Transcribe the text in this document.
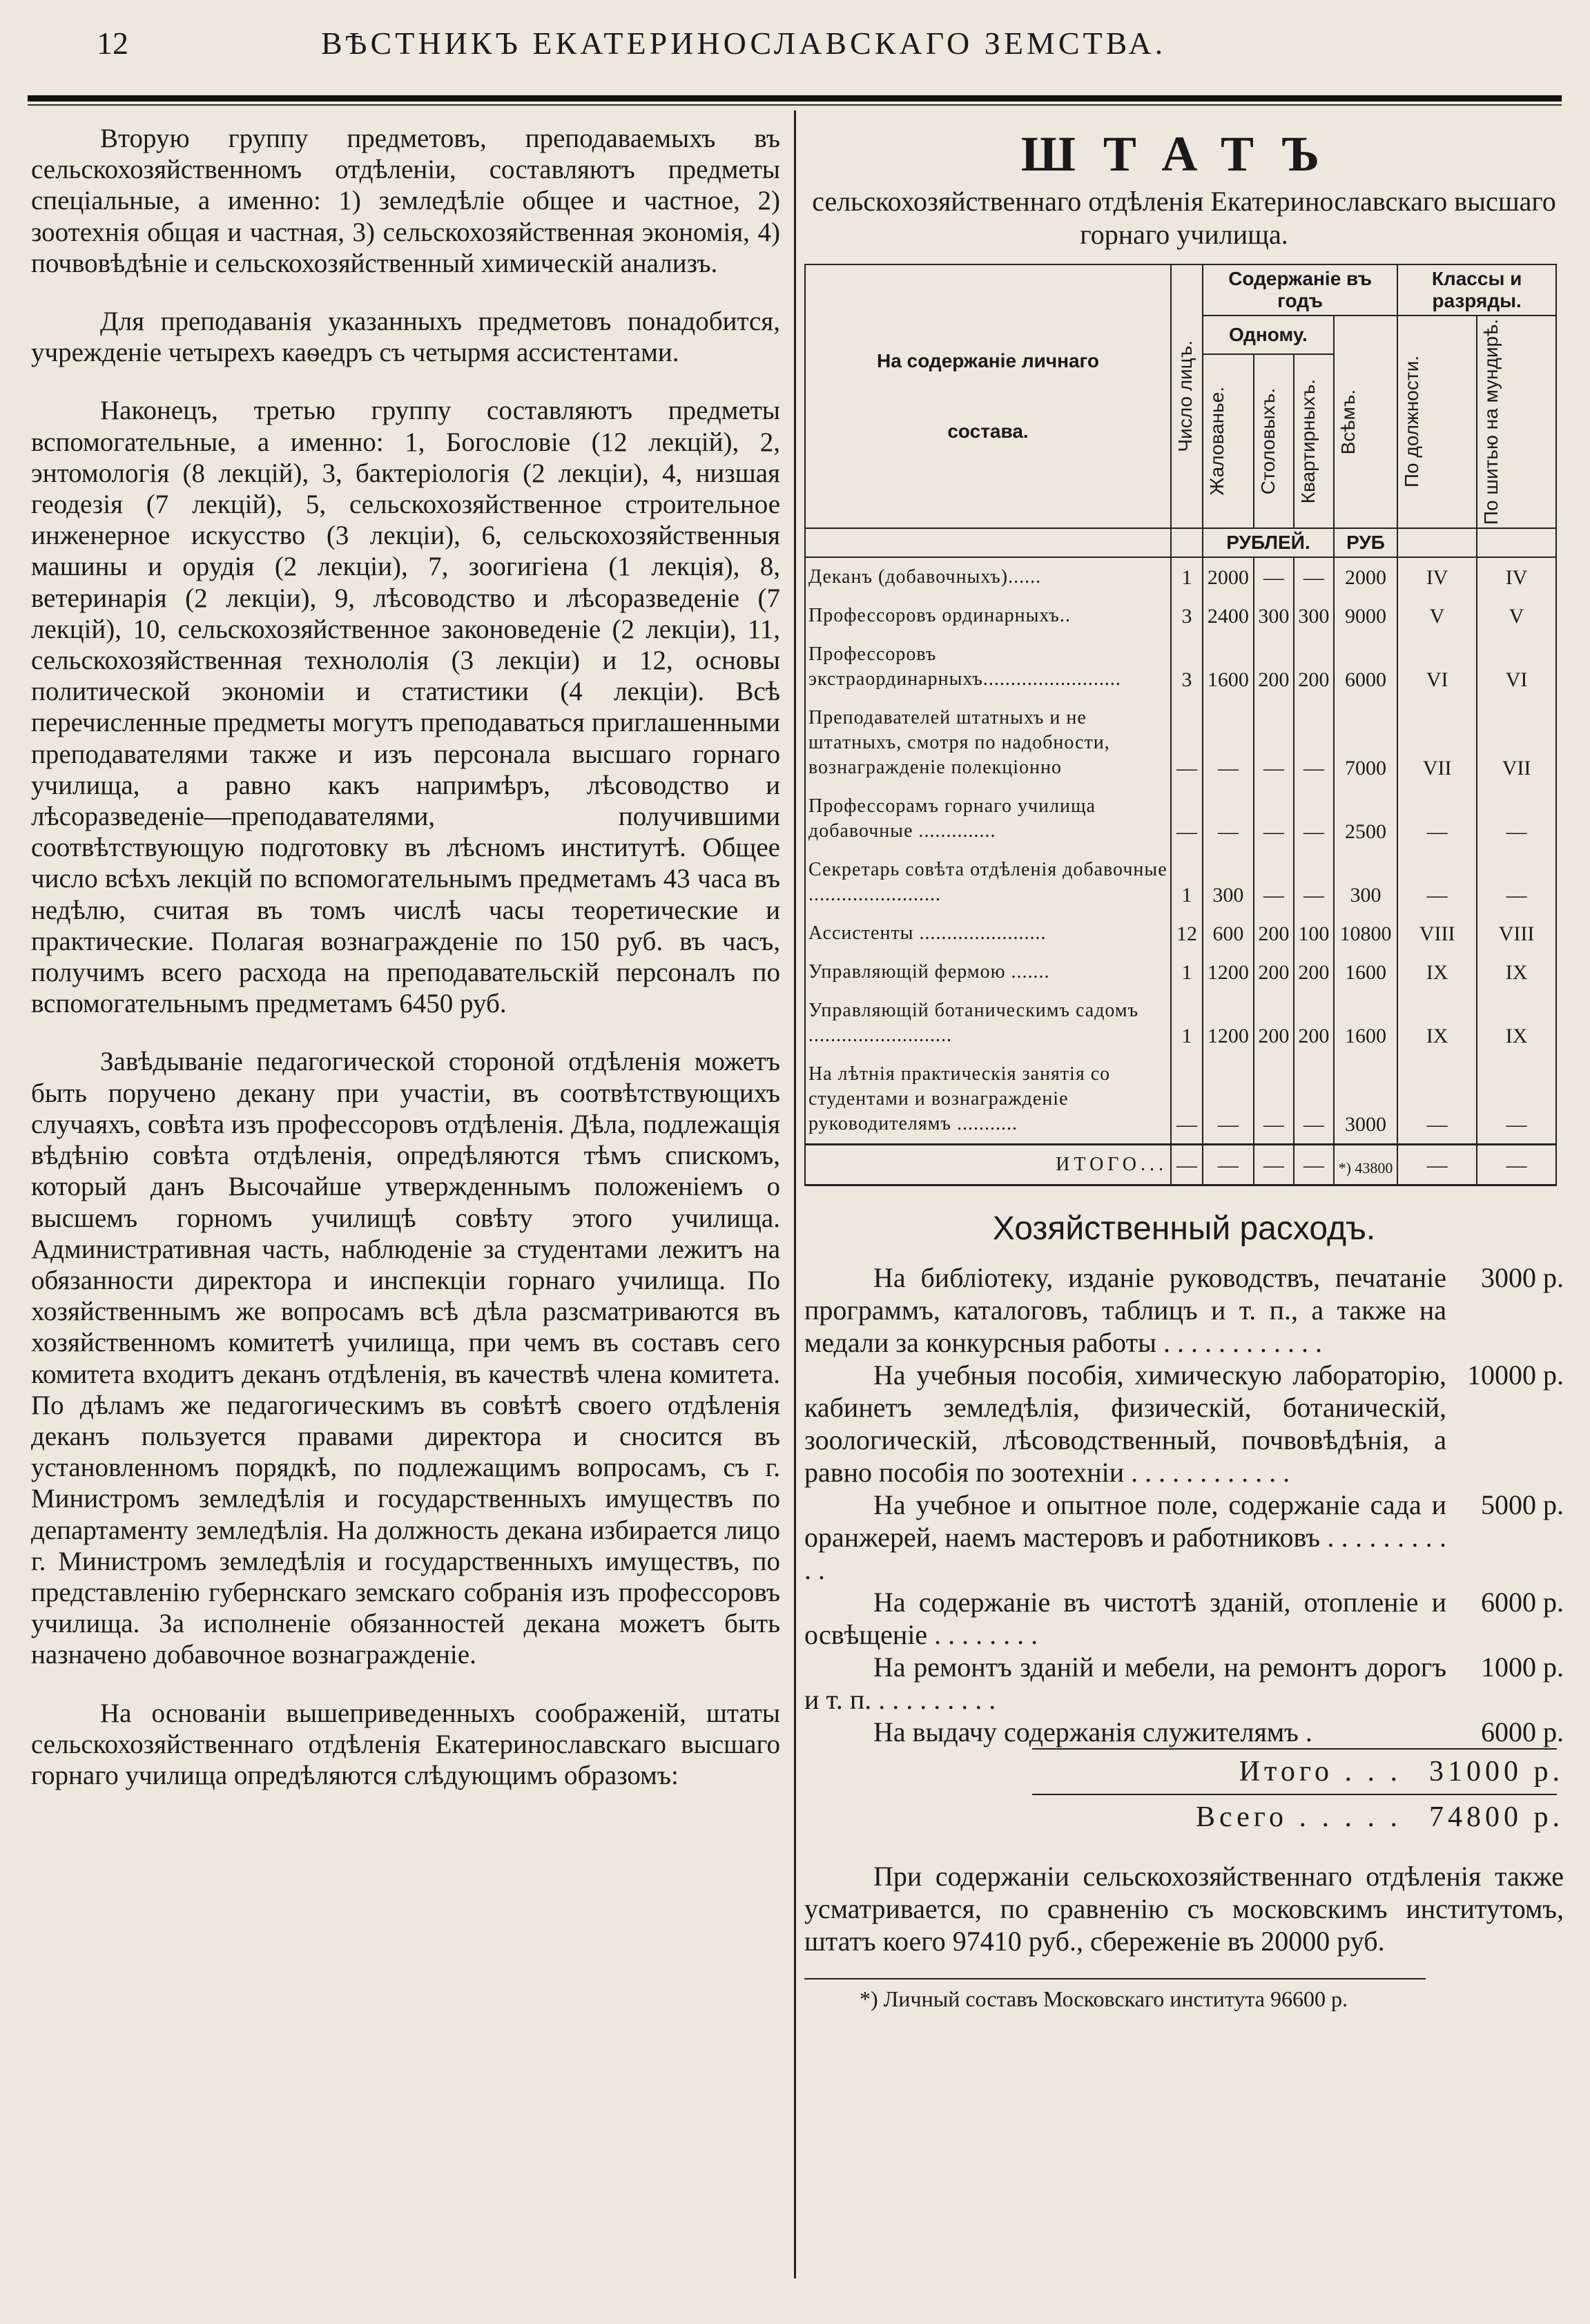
12	ВѢСТНИКЪ ЕКАТЕРИНОСЛАВСКАГО ЗЕМСТВА.

Вторую группу предметовъ, преподаваемыхъ въ сельскохозяйственномъ отдѣленіи, составляютъ предметы спеціальные, а именно: 1) земледѣліе общее и частное, 2) зоотехнія общая и частная, 3) сельскохозяйственная экономія, 4) почвовѣдѣніе и сельскохозяйственный химическій анализъ.

Для преподаванія указанныхъ предметовъ понадобится, учрежденіе четырехъ каѳедръ съ четырмя ассистентами.

Наконецъ, третью группу составляютъ предметы вспомогательные, а именно: 1, Богословіе (12 лекцій), 2, энтомологія (8 лекцій), 3, бактеріологія (2 лекціи), 4, низшая геодезія (7 лекцій), 5, сельскохозяйственное строительное инженерное искусство (3 лекціи), 6, сельскохозяйственныя машины и орудія (2 лекціи), 7, зоогигіена (1 лекція), 8, ветеринарія (2 лекціи), 9, лѣсоводство и лѣсоразведеніе (7 лекцій), 10, сельскохозяйственное законоведеніе (2 лекціи), 11, сельскохозяйственная технололія (3 лекціи) и 12, основы политической экономіи и статистики (4 лекціи). Всѣ перечисленные предметы могутъ преподаваться приглашенными преподавателями также и изъ персонала высшаго горнаго училища, а равно какъ напримѣръ, лѣсоводство и лѣсоразведеніе—преподавателями, получившими соотвѣтствующую подготовку въ лѣсномъ институтѣ. Общее число всѣхъ лекцій по вспомогательнымъ предметамъ 43 часа въ недѣлю, считая въ томъ числѣ часы теоретические и практические. Полагая вознагражденіе по 150 руб. въ часъ, получимъ всего расхода на преподавательскій персоналъ по вспомогательнымъ предметамъ 6450 руб.

Завѣдываніе педагогической стороной отдѣленія можетъ быть поручено декану при участіи, въ соотвѣтствующихъ случаяхъ, совѣта изъ профессоровъ отдѣленія. Дѣла, подлежащія вѣдѣнію совѣта отдѣленія, опредѣляются тѣмъ спискомъ, который данъ Высочайше утвержденнымъ положеніемъ о высшемъ горномъ училищѣ совѣту этого училища. Административная часть, наблюденіе за студентами лежитъ на обязанности директора и инспекціи горнаго училища. По хозяйственнымъ же вопросамъ всѣ дѣла разсматриваются въ хозяйственномъ комитетѣ училища, при чемъ въ составъ сего комитета входитъ деканъ отдѣленія, въ качествѣ члена комитета. По дѣламъ же педагогическимъ въ совѣтѣ своего отдѣленія деканъ пользуется правами директора и сносится въ установленномъ порядкѣ, по подлежащимъ вопросамъ, съ г. Министромъ земледѣлія и государственныхъ имуществъ по департаменту земледѣлія. На должность декана избирается лицо г. Министромъ земледѣлія и государственныхъ имуществъ, по представленію губернскаго земскаго собранія изъ профессоровъ училища. За исполненіе обязанностей декана можетъ быть назначено добавочное вознагражденіе.

На основаніи вышеприведенныхъ соображеній, штаты сельскохозяйственнаго отдѣленія Екатеринославскаго высшаго горнаго училища опредѣляются слѣдующимъ образомъ:

ШТАТЪ

сельскохозяйственнаго отдѣленія Екатеринославскаго высшаго горнаго училища.

На содержаніе личнаго
состава.	Число лицъ.	Содержаніе въ годъ				Классы и разряды.	
		Одному.			Всѣмъ.	По должности.	По шитью на мундирѣ.

		Жалованье.	Столовыхъ.	Квартирныхъ.			

		РУБЛЕЙ.			РУБ		
Деканъ (добавочныхъ)......	1	2000	—	—	2000	IV	IV
Профессоровъ ординарныхъ..	3	2400	300	300	9000	V	V
Профессоровъ экстраординарныхъ.........................	3	1600	200	200	6000	VI	VI
Преподавателей штатныхъ и не штатныхъ, смотря по надобности, вознагражденіе полекціонно	—	—	—	—	7000	VII	VII
Профессорамъ горнаго училища добавочные ..............	—	—	—	—	2500	—	—
Секретарь совѣта отдѣленія добавочные ........................	1	300	—	—	300	—	—
Ассистенты .......................	12	600	200	100	10800	VIII	VIII
Управляющій фермою .......	1	1200	200	200	1600	IX	IX
Управляющій ботаническимъ садомъ ..........................	1	1200	200	200	1600	IX	IX
На лѣтнія практическія занятія со студентами и вознагражденіе руководителямъ ...........	—	—	—	—	3000	—	—
ИТОГО...	—	—	—	—	*) 43800	—	—
Хозяйственный расходъ.
На библіотеку, изданіе руководствъ, печатаніе программъ, каталоговъ, таблицъ и т. п., а также на медали за конкурсныя работы . . . . . . . . . . . .
3000 р.
На учебныя пособія, химическую лабораторію, кабинетъ земледѣлія, физическій, ботаническій, зоологическій, лѣсоводственный, почвовѣдѣнія, а равно пособія по зоотехніи . . . . . . . . . . . .
10000 р.
На учебное и опытное поле, содержаніе сада и оранжерей, наемъ мастеровъ и работниковъ . . . . . . . . . . .
5000 р.
На содержаніе въ чистотѣ зданій, отопленіе и освѣщеніе . . . . . . . .
6000 р.
На ремонтъ зданій и мебели, на ремонтъ дорогъ и т. п. . . . . . . . . .
1000 р.
На выдачу содержанія служителямъ .	6000 р.
Итого . . . 31000 р.
Всего . . . . . 74800 р.
При содержаніи сельскохозяйственнаго отдѣленія также усматривается, по сравненію съ московскимъ институтомъ, штатъ коего 97410 руб., сбереженіе въ 20000 руб.
*) Личный составъ Московскаго института 96600 р.
